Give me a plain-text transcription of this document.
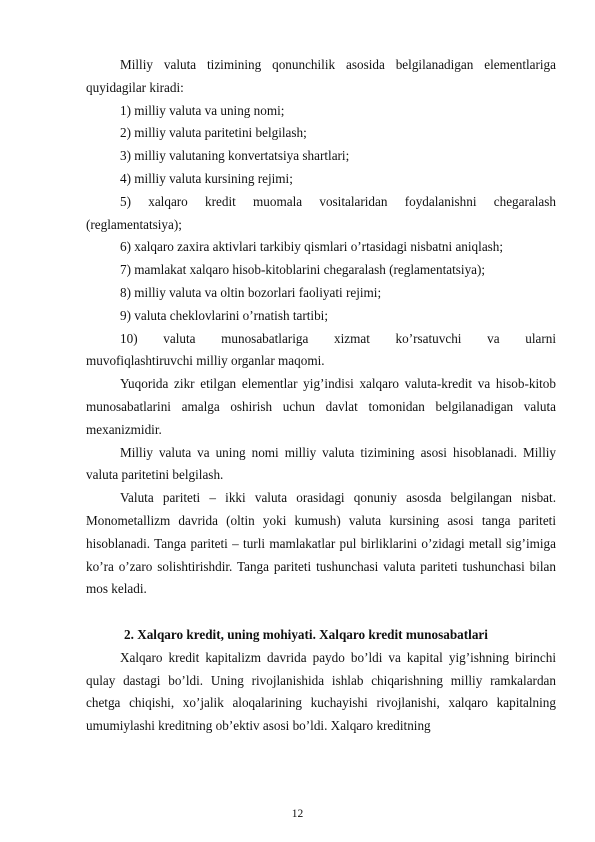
Milliy valuta tizimining qonunchilik asosida belgilanadigan elementlariga quyidagilar kiradi:

1) milliy valuta va uning nomi;

2) milliy valuta paritetini belgilash;

3) milliy valutaning konvertatsiya shartlari;

4) milliy valuta kursining rejimi;

5) xalqaro kredit muomala vositalaridan foydalanishni chegaralash

(reglamentatsiya);

6) xalqaro zaxira aktivlari tarkibiy qismlari o’rtasidagi nisbatni aniqlash;

7) mamlakat xalqaro hisob-kitoblarini chegaralash (reglamentatsiya);

8) milliy valuta va oltin bozorlari faoliyati rejimi;

9) valuta cheklovlarini o’rnatish tartibi;

10) valuta munosabatlariga xizmat ko’rsatuvchi va ularni

muvofiqlashtiruvchi milliy organlar maqomi.

Yuqorida zikr etilgan elementlar yig’indisi xalqaro valuta-kredit va hisob-kitob munosabatlarini amalga oshirish uchun davlat tomonidan belgilanadigan valuta mexanizmidir.

Milliy valuta va uning nomi milliy valuta tizimining asosi hisoblanadi. Milliy valuta paritetini belgilash.

Valuta pariteti – ikki valuta orasidagi qonuniy asosda belgilangan nisbat. Monometallizm davrida (oltin yoki kumush) valuta kursining asosi tanga pariteti hisoblanadi. Tanga pariteti – turli mamlakatlar pul birliklarini o’zidagi metall sig’imiga ko’ra o’zaro solishtirishdir. Tanga pariteti tushunchasi valuta pariteti tushunchasi bilan mos keladi.

2. Xalqaro kredit, uning mohiyati. Xalqaro kredit munosabatlari

Xalqaro kredit kapitalizm davrida paydo bo’ldi va kapital yig’ishning birinchi qulay dastagi bo’ldi. Uning rivojlanishida ishlab chiqarishning milliy ramkalardan chetga chiqishi, xo’jalik aloqalarining kuchayishi rivojlanishi, xalqaro kapitalning umumiylashi kreditning ob’ektiv asosi bo’ldi. Xalqaro kreditning

12
